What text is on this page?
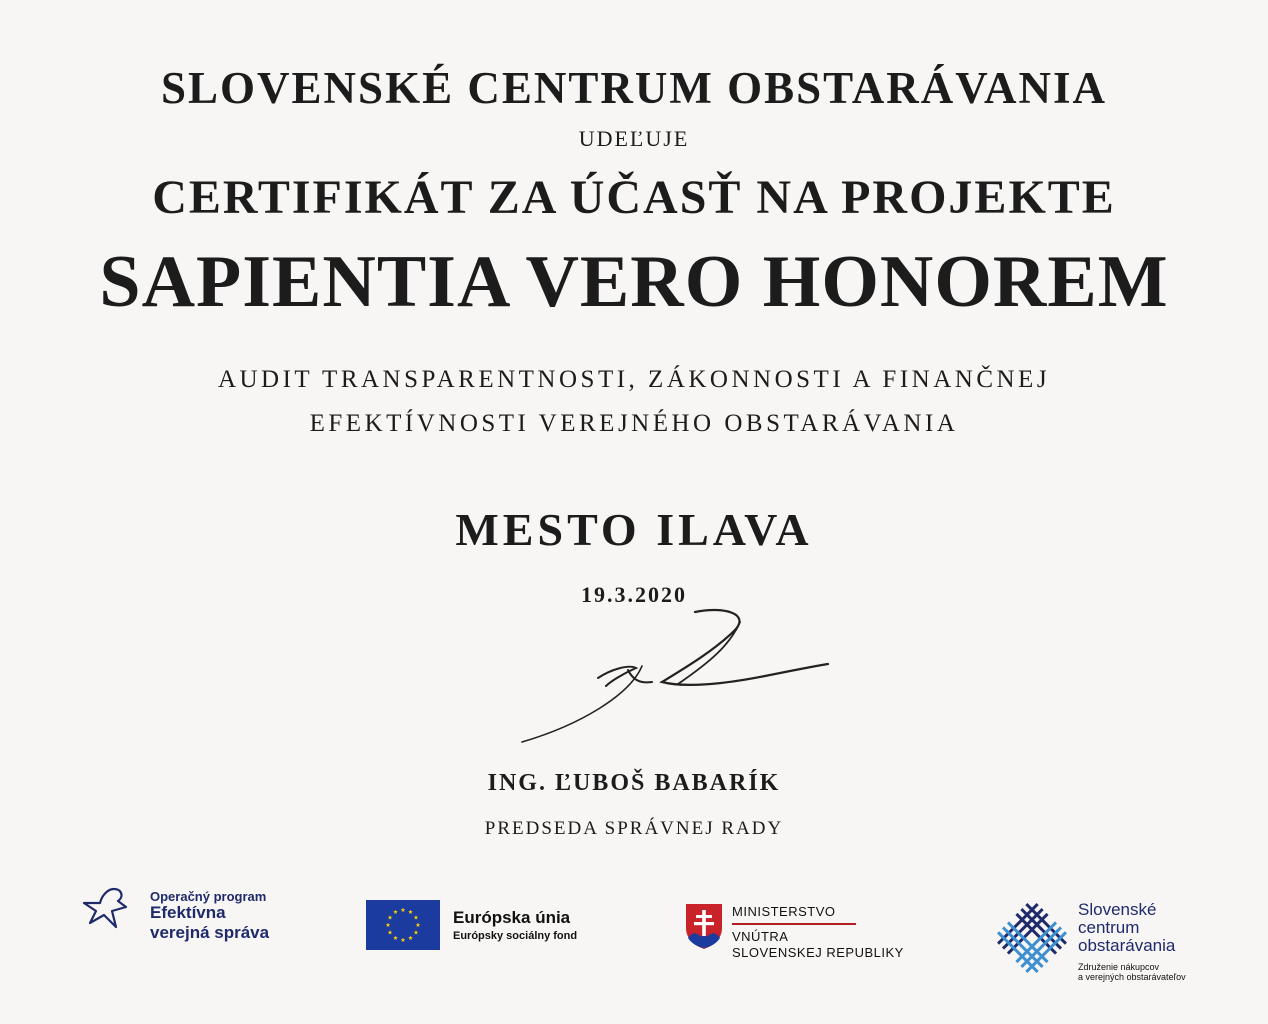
SLOVENSKÉ CENTRUM OBSTARÁVANIA
UDEĽUJE
CERTIFIKÁT ZA ÚČASŤ NA PROJEKTE
SAPIENTIA VERO HONOREM
AUDIT TRANSPARENTNOSTI, ZÁKONNOSTI A FINANČNEJ
EFEKTÍVNOSTI VEREJNÉHO OBSTARÁVANIA
MESTO ILAVA
19.3.2020
ING. ĽUBOŠ BABARÍK
PREDSEDA SPRÁVNEJ RADY
Operačný program
Efektívna
verejná správa
Európska únia
Európsky sociálny fond
MINISTERSTVO
VNÚTRA
SLOVENSKEJ REPUBLIKY
Slovenské
centrum
obstarávania
Združenie nákupcov
a verejných obstarávateľov
